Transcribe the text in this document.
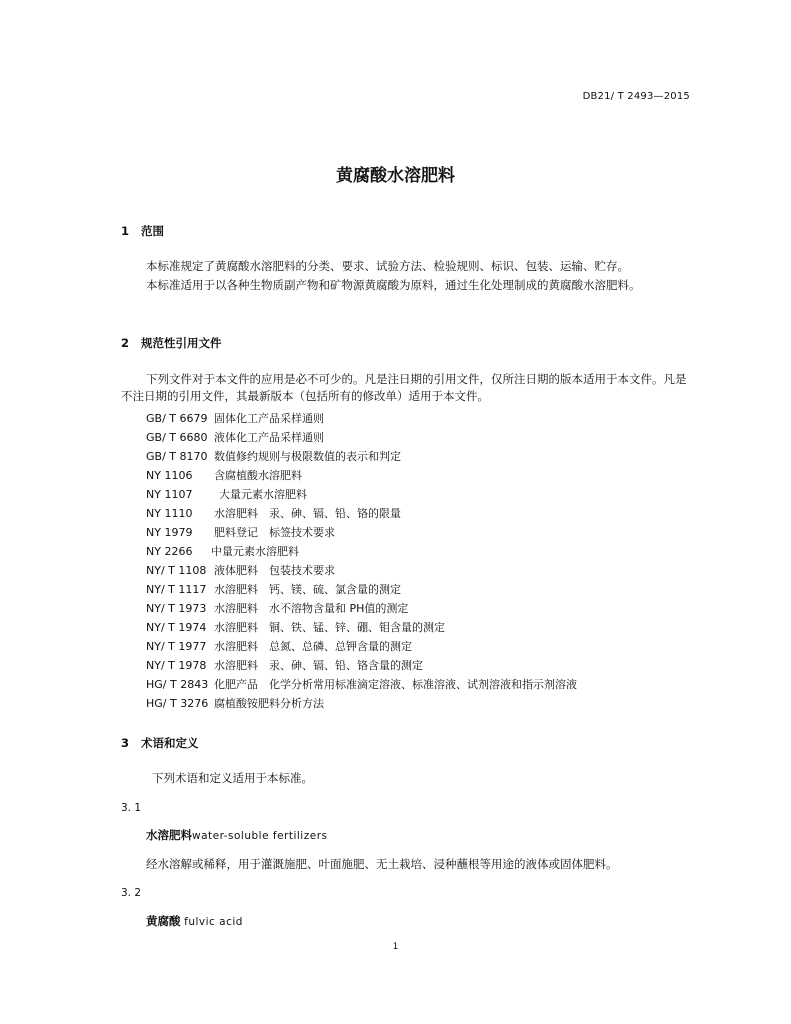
DB21/ T 2493—2015
黄腐酸水溶肥料
1 范围

本标准规定了黄腐酸水溶肥料的分类、要求、试验方法、检验规则、标识、包装、运输、贮存。

本标准适用于以各种生物质副产物和矿物源黄腐酸为原料，通过生化处理制成的黄腐酸水溶肥料。

2 规范性引用文件

下列文件对于本文件的应用是必不可少的。凡是注日期的引用文件，仅所注日期的版本适用于本文件。凡是不注日期的引用文件，其最新版本（包括所有的修改单）适用于本文件。

GB/ T 6679 固体化工产品采样通则
GB/ T 6680 液体化工产品采样通则
GB/ T 8170 数值修约规则与极限数值的表示和判定
NY 1106 含腐植酸水溶肥料
NY 1107 大量元素水溶肥料
NY 1110 水溶肥料　汞、砷、镉、铅、铬的限量
NY 1979 肥料登记　标签技术要求
NY 2266 中量元素水溶肥料
NY/ T 1108 液体肥料　包装技术要求
NY/ T 1117 水溶肥料　钙、镁、硫、氯含量的测定
NY/ T 1973 水溶肥料　水不溶物含量和 PH值的测定
NY/ T 1974 水溶肥料　铜、铁、锰、锌、硼、钼含量的测定
NY/ T 1977 水溶肥料　总氮、总磷、总钾含量的测定
NY/ T 1978 水溶肥料　汞、砷、镉、铅、铬含量的测定
HG/ T 2843 化肥产品　化学分析常用标准滴定溶液、标准溶液、试剂溶液和指示剂溶液
HG/ T 3276 腐植酸铵肥料分析方法
3 术语和定义
下列术语和定义适用于本标准。
3. 1
水溶肥料water-soluble fertilizers
经水溶解或稀释，用于灌溉施肥、叶面施肥、无土栽培、浸种蘸根等用途的液体或固体肥料。
3. 2
黄腐酸 fulvic acid
1
